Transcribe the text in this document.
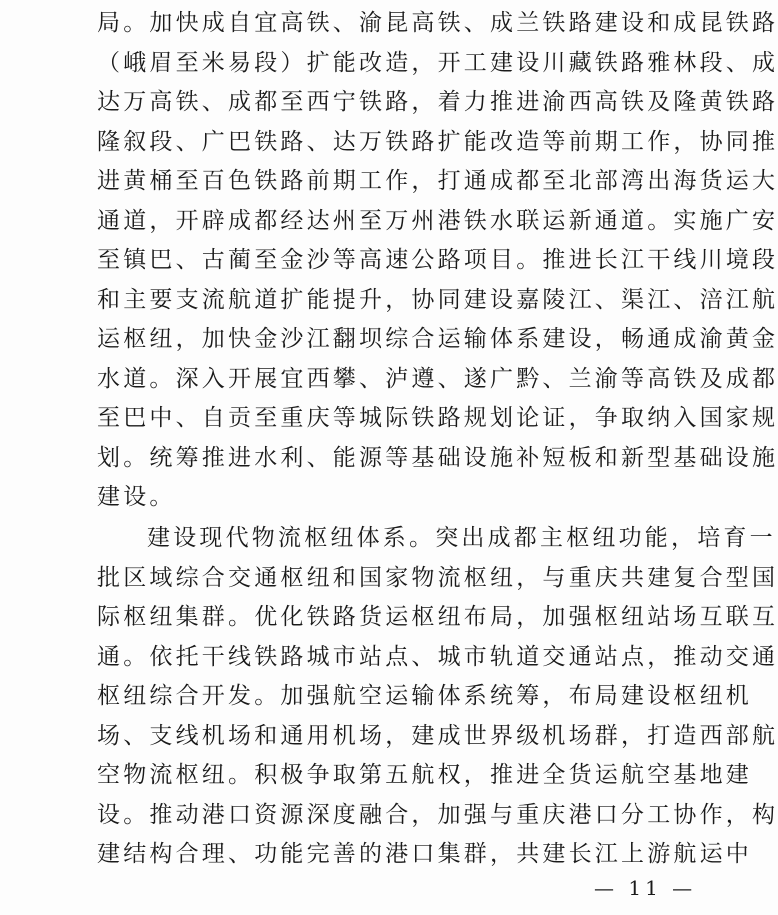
局。加快成自宜高铁、渝昆高铁、成兰铁路建设和成昆铁路
（峨眉至米易段）扩能改造，开工建设川藏铁路雅林段、成
达万高铁、成都至西宁铁路，着力推进渝西高铁及隆黄铁路
隆叙段、广巴铁路、达万铁路扩能改造等前期工作，协同推
进黄桶至百色铁路前期工作，打通成都至北部湾出海货运大
通道，开辟成都经达州至万州港铁水联运新通道。实施广安
至镇巴、古蔺至金沙等高速公路项目。推进长江干线川境段
和主要支流航道扩能提升，协同建设嘉陵江、渠江、涪江航
运枢纽，加快金沙江翻坝综合运输体系建设，畅通成渝黄金
水道。深入开展宜西攀、泸遵、遂广黔、兰渝等高铁及成都
至巴中、自贡至重庆等城际铁路规划论证，争取纳入国家规
划。统筹推进水利、能源等基础设施补短板和新型基础设施
建设。
建设现代物流枢纽体系。突出成都主枢纽功能，培育一
批区域综合交通枢纽和国家物流枢纽，与重庆共建复合型国
际枢纽集群。优化铁路货运枢纽布局，加强枢纽站场互联互
通。依托干线铁路城市站点、城市轨道交通站点，推动交通
枢纽综合开发。加强航空运输体系统筹，布局建设枢纽机
场、支线机场和通用机场，建成世界级机场群，打造西部航
空物流枢纽。积极争取第五航权，推进全货运航空基地建
设。推动港口资源深度融合，加强与重庆港口分工协作，构
建结构合理、功能完善的港口集群，共建长江上游航运中
— 11 —
